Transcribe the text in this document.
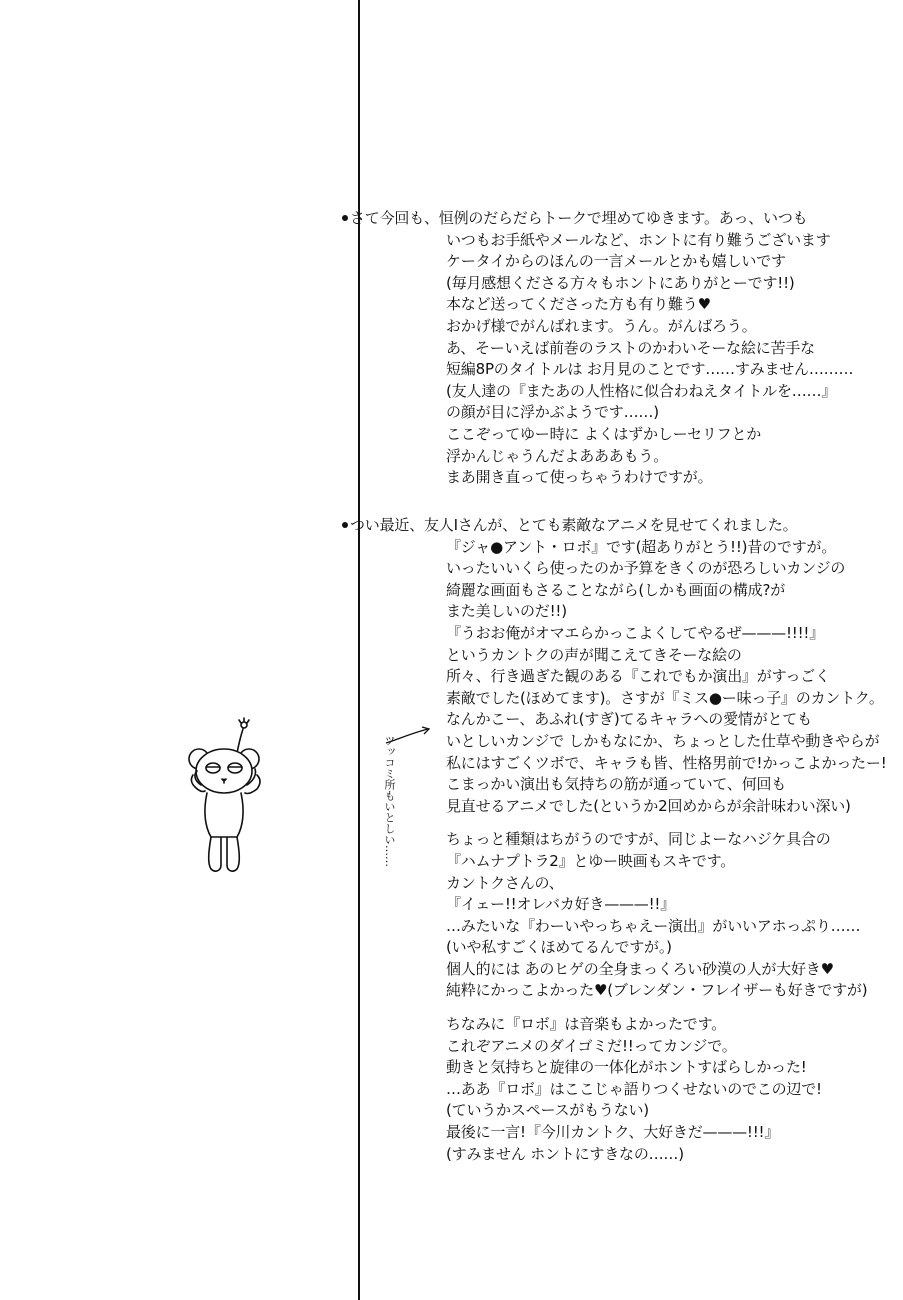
さて今回も、恒例のだらだらトークで埋めてゆきます。あっ、いつも
いつもお手紙やメールなど、ホントに有り難うございます
ケータイからのほんの一言メールとかも嬉しいです
(毎月感想くださる方々もホントにありがとーです!!)
本など送ってくださった方も有り難う♥
おかげ様でがんばれます。うん。がんばろう。
あ、そーいえば前巻のラストのかわいそーな絵に苦手な
短編8Pのタイトルは お月見のことです……すみません………
(友人達の『またあの人性格に似合わねえタイトルを……』
の顔が目に浮かぶようです……)
ここぞってゆー時に よくはずかしーセリフとか
浮かんじゃうんだよあああもう。
まあ開き直って使っちゃうわけですが。
つい最近、友人Iさんが、とても素敵なアニメを見せてくれました。
『ジャ●アント・ロボ』です(超ありがとう!!)昔のですが。
いったいいくら使ったのか予算をきくのが恐ろしいカンジの
綺麗な画面もさることながら(しかも画面の構成?が
また美しいのだ!!)
『うおお俺がオマエらかっこよくしてやるぜ———!!!!』
というカントクの声が聞こえてきそーな絵の
所々、行き過ぎた観のある『これでもか演出』がすっごく
素敵でした(ほめてます)。さすが『ミス●ー味っ子』のカントク。
なんかこー、あふれ(すぎ)てるキャラへの愛情がとても
いとしいカンジで しかもなにか、ちょっとした仕草や動きやらが
私にはすごくツボで、キャラも皆、性格男前で!かっこよかったー!
こまっかい演出も気持ちの筋が通っていて、何回も
見直せるアニメでした(というか2回めからが余計味わい深い)
ちょっと種類はちがうのですが、同じよーなハジケ具合の
『ハムナプトラ2』とゆー映画もスキです。
カントクさんの、
『イェー!!オレバカ好き———!!』
…みたいな『わーいやっちゃえー演出』がいいアホっぷり……
(いや私すごくほめてるんですが。)
個人的には あのヒゲの全身まっくろい砂漠の人が大好き♥
純粋にかっこよかった♥(ブレンダン・フレイザーも好きですが)
ちなみに『ロボ』は音楽もよかったです。
これぞアニメのダイゴミだ!!ってカンジで。
動きと気持ちと旋律の一体化がホントすばらしかった!
…ああ『ロボ』はここじゃ語りつくせないのでこの辺で!
(ていうかスペースがもうない)
最後に一言!『今川カントク、大好きだ———!!!』
(すみません ホントにすきなの……)
ツッコミ所もいとしい……
